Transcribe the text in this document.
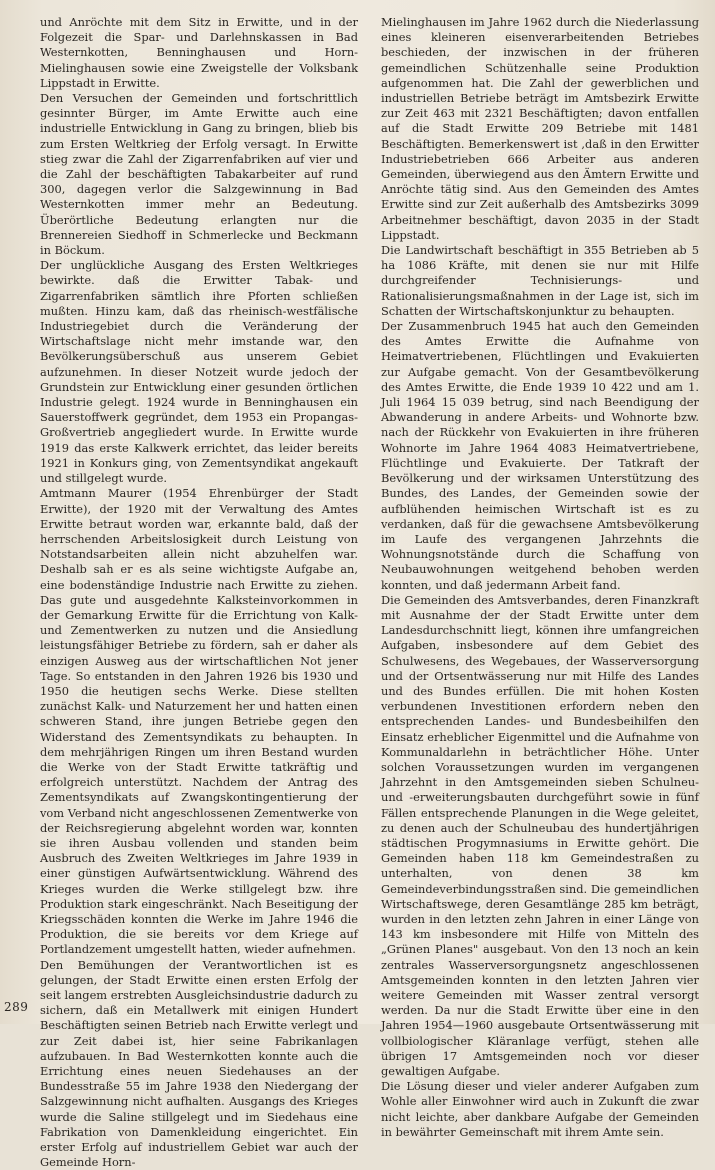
und Anröchte mit dem Sitz in Erwitte, und in der Folgezeit die Spar- und Darlehnskassen in Bad Westernkotten, Benninghausen und Horn-Mielinghausen sowie eine Zweigstelle der Volksbank Lippstadt in Erwitte.

Den Versuchen der Gemeinden und fortschrittlich gesinnter Bürger, im Amte Erwitte auch eine industrielle Entwicklung in Gang zu bringen, blieb bis zum Ersten Weltkrieg der Erfolg versagt. In Erwitte stieg zwar die Zahl der Zigarrenfabriken auf vier und die Zahl der beschäftigten Tabakarbeiter auf rund 300, dagegen verlor die Salzgewinnung in Bad Westernkotten immer mehr an Bedeutung. Überörtliche Bedeutung erlangten nur die Brennereien Siedhoff in Schmerlecke und Beckmann in Böckum.

Der unglückliche Ausgang des Ersten Weltkrieges bewirkte. daß die Erwitter Tabak- und Zigarrenfabriken sämtlich ihre Pforten schließen mußten. Hinzu kam, daß das rheinisch-westfälische Industriegebiet durch die Veränderung der Wirtschaftslage nicht mehr imstande war, den Bevölkerungsüberschuß aus unserem Gebiet aufzunehmen. In dieser Notzeit wurde jedoch der Grundstein zur Entwicklung einer gesunden örtlichen Industrie gelegt. 1924 wurde in Benninghausen ein Sauerstoffwerk gegründet, dem 1953 ein Propangas-Großvertrieb angegliedert wurde. In Erwitte wurde 1919 das erste Kalkwerk errichtet, das leider bereits 1921 in Konkurs ging, von Zementsyndikat angekauft und stillgelegt wurde.

Amtmann Maurer (1954 Ehrenbürger der Stadt Erwitte), der 1920 mit der Verwaltung des Amtes Erwitte betraut worden war, erkannte bald, daß der herrschenden Arbeitslosigkeit durch Leistung von Notstandsarbeiten allein nicht abzuhelfen war. Deshalb sah er es als seine wichtigste Aufgabe an, eine bodenständige Industrie nach Erwitte zu ziehen. Das gute und ausgedehnte Kalksteinvorkommen in der Gemarkung Erwitte für die Errichtung von Kalk- und Zementwerken zu nutzen und die Ansiedlung leistungsfähiger Betriebe zu fördern, sah er daher als einzigen Ausweg aus der wirtschaftlichen Not jener Tage. So entstanden in den Jahren 1926 bis 1930 und 1950 die heutigen sechs Werke. Diese stellten zunächst Kalk- und Naturzement her und hatten einen schweren Stand, ihre jungen Betriebe gegen den Widerstand des Zementsyndikats zu behaupten. In dem mehrjährigen Ringen um ihren Bestand wurden die Werke von der Stadt Erwitte tatkräftig und erfolgreich unterstützt. Nachdem der Antrag des Zementsyndikats auf Zwangskontingentierung der vom Verband nicht angeschlossenen Zementwerke von der Reichsregierung abgelehnt worden war, konnten sie ihren Ausbau vollenden und standen beim Ausbruch des Zweiten Weltkrieges im Jahre 1939 in einer günstigen Aufwärtsentwicklung. Während des Krieges wurden die Werke stillgelegt bzw. ihre Produktion stark eingeschränkt. Nach Beseitigung der Kriegsschäden konnten die Werke im Jahre 1946 die Produktion, die sie bereits vor dem Kriege auf Portlandzement umgestellt hatten, wieder aufnehmen.

Den Bemühungen der Verantwortlichen ist es gelungen, der Stadt Erwitte einen ersten Erfolg der seit langem erstrebten Ausgleichsindustrie dadurch zu sichern, daß ein Metallwerk mit einigen Hundert Beschäftigten seinen Betrieb nach Erwitte verlegt und zur Zeit dabei ist, hier seine Fabrikanlagen aufzubauen. In Bad Westernkotten konnte auch die Errichtung eines neuen Siedehauses an der Bundesstraße 55 im Jahre 1938 den Niedergang der Salzgewinnung nicht aufhalten. Ausgangs des Krieges wurde die Saline stillgelegt und im Siedehaus eine Fabrikation von Damenkleidung eingerichtet. Ein erster Erfolg auf industriellem Gebiet war auch der Gemeinde Horn-

Mielinghausen im Jahre 1962 durch die Niederlassung eines kleineren eisenverarbeitenden Betriebes beschieden, der inzwischen in der früheren gemeindlichen Schützenhalle seine Produktion aufgenommen hat. Die Zahl der gewerblichen und industriellen Betriebe beträgt im Amtsbezirk Erwitte zur Zeit 463 mit 2321 Beschäftigten; davon entfallen auf die Stadt Erwitte 209 Betriebe mit 1481 Beschäftigten. Bemerkenswert ist ,daß in den Erwitter Industriebetrieben 666 Arbeiter aus anderen Gemeinden, überwiegend aus den Ämtern Erwitte und Anröchte tätig sind. Aus den Gemeinden des Amtes Erwitte sind zur Zeit außerhalb des Amtsbezirks 3099 Arbeitnehmer beschäftigt, davon 2035 in der Stadt Lippstadt.

Die Landwirtschaft beschäftigt in 355 Betrieben ab 5 ha 1086 Kräfte, mit denen sie nur mit Hilfe durchgreifender Technisierungs- und Rationalisierungsmaßnahmen in der Lage ist, sich im Schatten der Wirtschaftskonjunktur zu behaupten.

Der Zusammenbruch 1945 hat auch den Gemeinden des Amtes Erwitte die Aufnahme von Heimatvertriebenen, Flüchtlingen und Evakuierten zur Aufgabe gemacht. Von der Gesamtbevölkerung des Amtes Erwitte, die Ende 1939 10 422 und am 1. Juli 1964 15 039 betrug, sind nach Beendigung der Abwanderung in andere Arbeits- und Wohnorte bzw. nach der Rückkehr von Evakuierten in ihre früheren Wohnorte im Jahre 1964 4083 Heimatvertriebene, Flüchtlinge und Evakuierte. Der Tatkraft der Bevölkerung und der wirksamen Unterstützung des Bundes, des Landes, der Gemeinden sowie der aufblühenden heimischen Wirtschaft ist es zu verdanken, daß für die gewachsene Amtsbevölkerung im Laufe des vergangenen Jahrzehnts die Wohnungsnotstände durch die Schaffung von Neubauwohnungen weitgehend behoben werden konnten, und daß jedermann Arbeit fand.

Die Gemeinden des Amtsverbandes, deren Finanzkraft mit Ausnahme der der Stadt Erwitte unter dem Landesdurchschnitt liegt, können ihre umfangreichen Aufgaben, insbesondere auf dem Gebiet des Schulwesens, des Wegebaues, der Wasserversorgung und der Ortsentwässerung nur mit Hilfe des Landes und des Bundes erfüllen. Die mit hohen Kosten verbundenen Investitionen erfordern neben den entsprechenden Landes- und Bundesbeihilfen den Einsatz erheblicher Eigenmittel und die Aufnahme von Kommunaldarlehn in beträchtlicher Höhe. Unter solchen Voraussetzungen wurden im vergangenen Jahrzehnt in den Amtsgemeinden sieben Schulneu- und -erweiterungsbauten durchgeführt sowie in fünf Fällen entsprechende Planungen in die Wege geleitet, zu denen auch der Schulneubau des hundertjährigen städtischen Progymnasiums in Erwitte gehört. Die Gemeinden haben 118 km Gemeindestraßen zu unterhalten, von denen 38 km Gemeindeverbindungsstraßen sind. Die gemeindlichen Wirtschaftswege, deren Gesamtlänge 285 km beträgt, wurden in den letzten zehn Jahren in einer Länge von 143 km insbesondere mit Hilfe von Mitteln des „Grünen Planes" ausgebaut. Von den 13 noch an kein zentrales Wasserversorgungsnetz angeschlossenen Amtsgemeinden konnten in den letzten Jahren vier weitere Gemeinden mit Wasser zentral versorgt werden. Da nur die Stadt Erwitte über eine in den Jahren 1954—1960 ausgebaute Ortsentwässerung mit vollbiologischer Kläranlage verfügt, stehen alle übrigen 17 Amtsgemeinden noch vor dieser gewaltigen Aufgabe.

Die Lösung dieser und vieler anderer Aufgaben zum Wohle aller Einwohner wird auch in Zukunft die zwar nicht leichte, aber dankbare Aufgabe der Gemeinden in bewährter Gemeinschaft mit ihrem Amte sein.

289
